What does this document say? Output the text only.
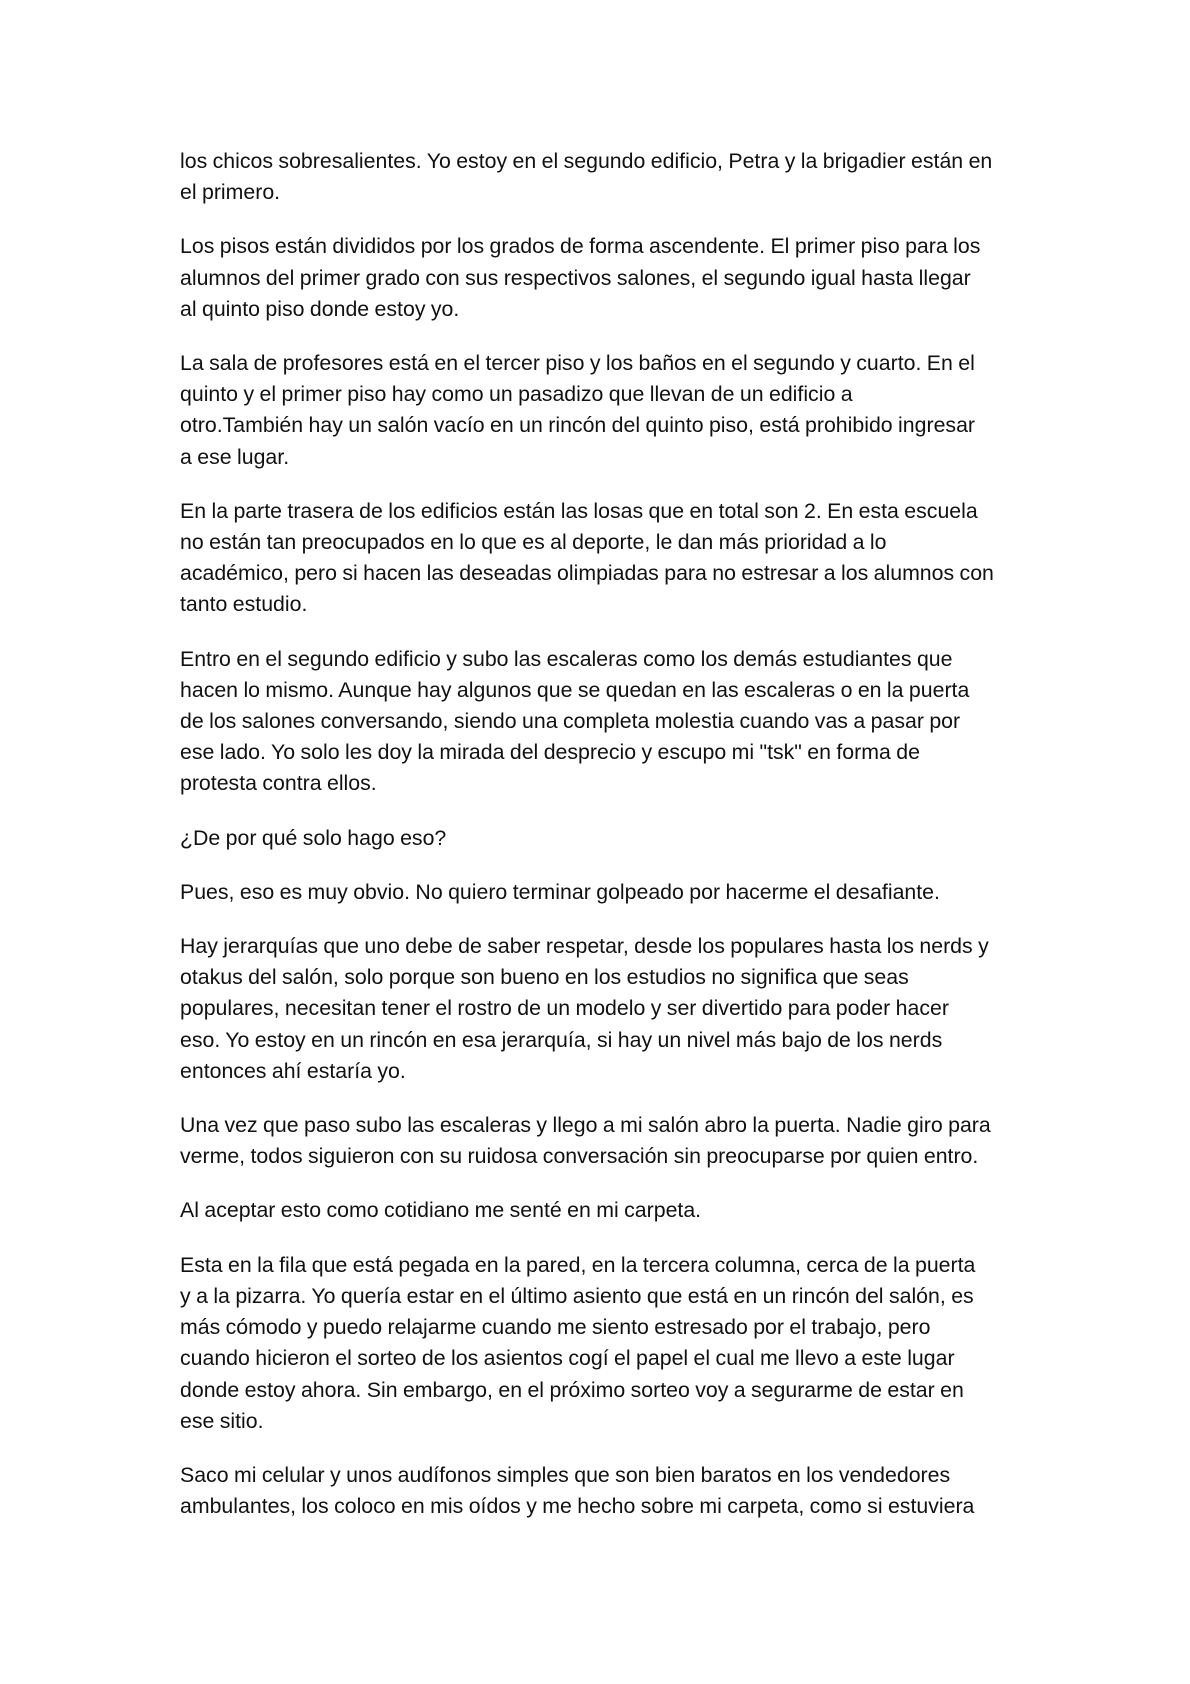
los chicos sobresalientes. Yo estoy en el segundo edificio, Petra y la brigadier están en
el primero.

Los pisos están divididos por los grados de forma ascendente. El primer piso para los
alumnos del primer grado con sus respectivos salones, el segundo igual hasta llegar
al quinto piso donde estoy yo.

La sala de profesores está en el tercer piso y los baños en el segundo y cuarto. En el
quinto y el primer piso hay como un pasadizo que llevan de un edificio a
otro.También hay un salón vacío en un rincón del quinto piso, está prohibido ingresar
a ese lugar.

En la parte trasera de los edificios están las losas que en total son 2. En esta escuela
no están tan preocupados en lo que es al deporte, le dan más prioridad a lo
académico, pero si hacen las deseadas olimpiadas para no estresar a los alumnos con
tanto estudio.

Entro en el segundo edificio y subo las escaleras como los demás estudiantes que
hacen lo mismo. Aunque hay algunos que se quedan en las escaleras o en la puerta
de los salones conversando, siendo una completa molestia cuando vas a pasar por
ese lado. Yo solo les doy la mirada del desprecio y escupo mi "tsk" en forma de
protesta contra ellos.

¿De por qué solo hago eso?

Pues, eso es muy obvio. No quiero terminar golpeado por hacerme el desafiante.

Hay jerarquías que uno debe de saber respetar, desde los populares hasta los nerds y
otakus del salón, solo porque son bueno en los estudios no significa que seas
populares, necesitan tener el rostro de un modelo y ser divertido para poder hacer
eso. Yo estoy en un rincón en esa jerarquía, si hay un nivel más bajo de los nerds
entonces ahí estaría yo.

Una vez que paso subo las escaleras y llego a mi salón abro la puerta. Nadie giro para
verme, todos siguieron con su ruidosa conversación sin preocuparse por quien entro.

Al aceptar esto como cotidiano me senté en mi carpeta.

Esta en la fila que está pegada en la pared, en la tercera columna, cerca de la puerta
y a la pizarra. Yo quería estar en el último asiento que está en un rincón del salón, es
más cómodo y puedo relajarme cuando me siento estresado por el trabajo, pero
cuando hicieron el sorteo de los asientos cogí el papel el cual me llevo a este lugar
donde estoy ahora. Sin embargo, en el próximo sorteo voy a segurarme de estar en
ese sitio.

Saco mi celular y unos audífonos simples que son bien baratos en los vendedores
ambulantes, los coloco en mis oídos y me hecho sobre mi carpeta, como si estuviera
